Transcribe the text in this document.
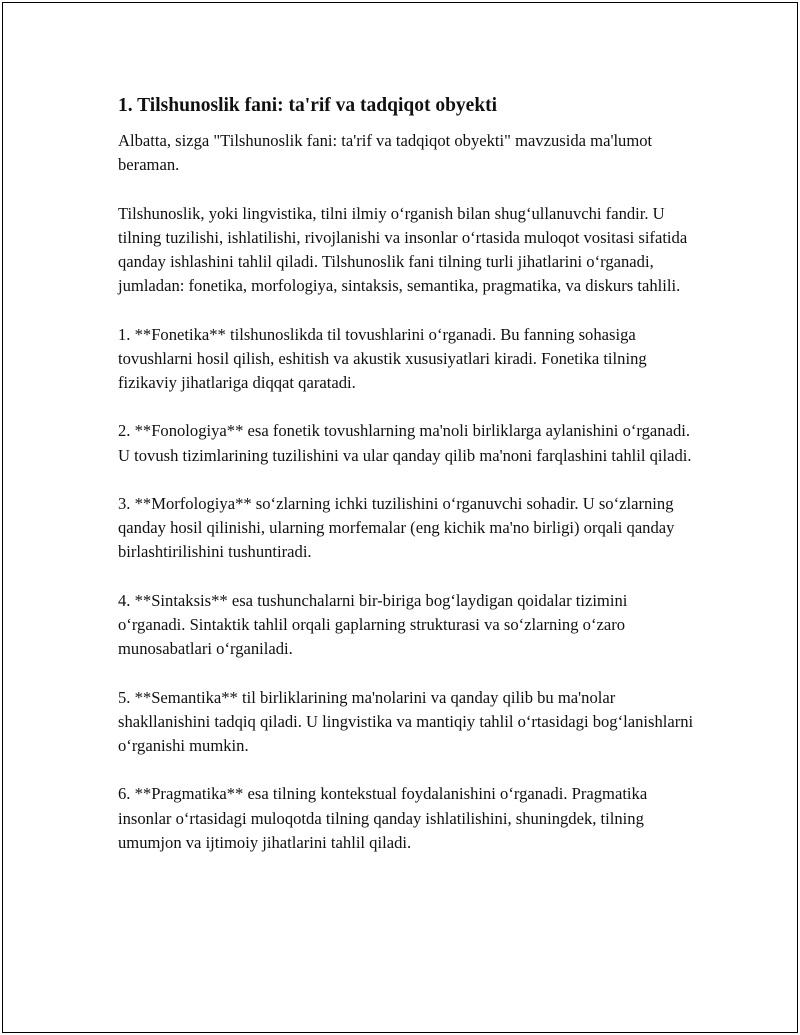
1. Tilshunoslik fani: ta'rif va tadqiqot obyekti

Albatta, sizga "Tilshunoslik fani: ta'rif va tadqiqot obyekti" mavzusida ma'lumot beraman.

Tilshunoslik, yoki lingvistika, tilni ilmiy oʻrganish bilan shugʻullanuvchi fandir. U tilning tuzilishi, ishlatilishi, rivojlanishi va insonlar oʻrtasida muloqot vositasi sifatida qanday ishlashini tahlil qiladi. Tilshunoslik fani tilning turli jihatlarini oʻrganadi, jumladan: fonetika, morfologiya, sintaksis, semantika, pragmatika, va diskurs tahlili.

1. **Fonetika** tilshunoslikda til tovushlarini oʻrganadi. Bu fanning sohasiga tovushlarni hosil qilish, eshitish va akustik xususiyatlari kiradi. Fonetika tilning fizikaviy jihatlariga diqqat qaratadi.

2. **Fonologiya** esa fonetik tovushlarning ma'noli birliklarga aylanishini oʻrganadi. U tovush tizimlarining tuzilishini va ular qanday qilib ma'noni farqlashini tahlil qiladi.

3. **Morfologiya** soʻzlarning ichki tuzilishini oʻrganuvchi sohadir. U soʻzlarning qanday hosil qilinishi, ularning morfemalar (eng kichik ma'no birligi) orqali qanday birlashtirilishini tushuntiradi.

4. **Sintaksis** esa tushunchalarni bir-biriga bogʻlaydigan qoidalar tizimini oʻrganadi. Sintaktik tahlil orqali gaplarning strukturasi va soʻzlarning oʻzaro munosabatlari oʻrganiladi.

5. **Semantika** til birliklarining ma'nolarini va qanday qilib bu ma'nolar shakllanishini tadqiq qiladi. U lingvistika va mantiqiy tahlil oʻrtasidagi bogʻlanishlarni oʻrganishi mumkin.

6. **Pragmatika** esa tilning kontekstual foydalanishini oʻrganadi. Pragmatika insonlar oʻrtasidagi muloqotda tilning qanday ishlatilishini, shuningdek, tilning umumjon va ijtimoiy jihatlarini tahlil qiladi.
